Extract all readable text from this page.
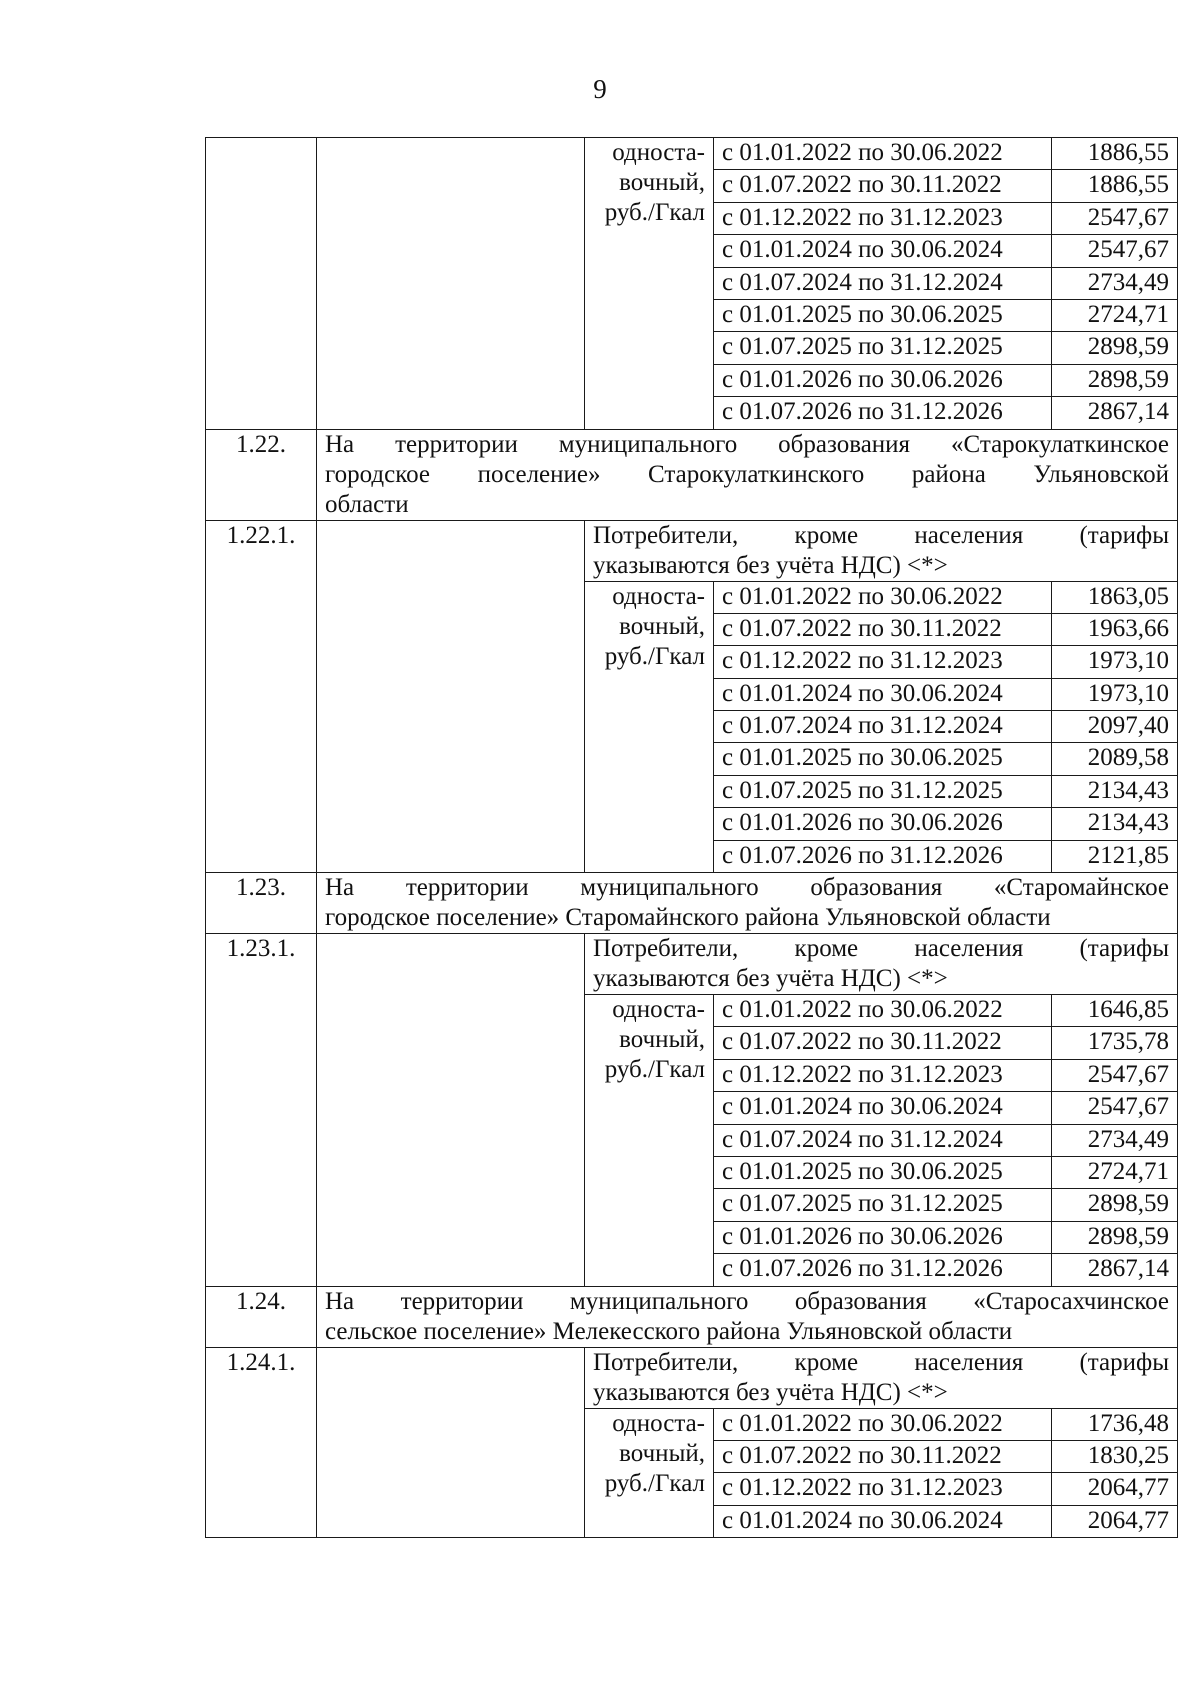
9

		односта-
вочный,
руб./Гкал	с 01.01.2022 по 30.06.2022	1886,55
			с 01.07.2022 по 30.11.2022	1886,55
			с 01.12.2022 по 31.12.2023	2547,67
			с 01.01.2024 по 30.06.2024	2547,67
			с 01.07.2024 по 31.12.2024	2734,49
			с 01.01.2025 по 30.06.2025	2724,71
			с 01.07.2025 по 31.12.2025	2898,59
			с 01.01.2026 по 30.06.2026	2898,59
			с 01.07.2026 по 31.12.2026	2867,14
1.22.	На территории муниципального образования «Старокулаткинское
городское поселение» Старокулаткинского района Ульяновской
области			

1.22.1.		Потребители, кроме населения (тарифы
указываются без учёта НДС) <*>		

		односта-
вочный,
руб./Гкал	с 01.01.2022 по 30.06.2022	1863,05
			с 01.07.2022 по 30.11.2022	1963,66
			с 01.12.2022 по 31.12.2023	1973,10
			с 01.01.2024 по 30.06.2024	1973,10
			с 01.07.2024 по 31.12.2024	2097,40
			с 01.01.2025 по 30.06.2025	2089,58
			с 01.07.2025 по 31.12.2025	2134,43
			с 01.01.2026 по 30.06.2026	2134,43
			с 01.07.2026 по 31.12.2026	2121,85
1.23.	На территории муниципального образования «Старомайнское
городское поселение» Старомайнского района Ульяновской области			

1.23.1.		Потребители, кроме населения (тарифы
указываются без учёта НДС) <*>		

		односта-
вочный,
руб./Гкал	с 01.01.2022 по 30.06.2022	1646,85
			с 01.07.2022 по 30.11.2022	1735,78
			с 01.12.2022 по 31.12.2023	2547,67
			с 01.01.2024 по 30.06.2024	2547,67
			с 01.07.2024 по 31.12.2024	2734,49
			с 01.01.2025 по 30.06.2025	2724,71
			с 01.07.2025 по 31.12.2025	2898,59
			с 01.01.2026 по 30.06.2026	2898,59
			с 01.07.2026 по 31.12.2026	2867,14
1.24.	На территории муниципального образования «Старосахчинское
сельское поселение» Мелекесского района Ульяновской области			

1.24.1.		Потребители, кроме населения (тарифы
указываются без учёта НДС) <*>		

		односта-
вочный,
руб./Гкал	с 01.01.2022 по 30.06.2022	1736,48
			с 01.07.2022 по 30.11.2022	1830,25
			с 01.12.2022 по 31.12.2023	2064,77
			с 01.01.2024 по 30.06.2024	2064,77
